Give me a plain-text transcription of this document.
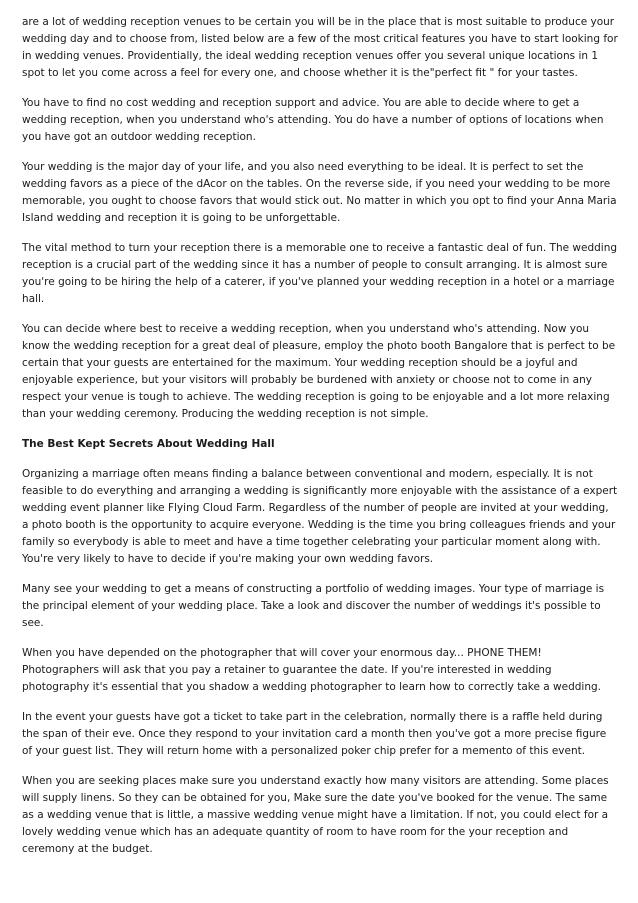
are a lot of wedding reception venues to be certain you will be in the place that is most suitable to produce your wedding day and to choose from, listed below are a few of the most critical features you have to start looking for in wedding venues. Providentially, the ideal wedding reception venues offer you several unique locations in 1 spot to let you come across a feel for every one, and choose whether it is the"perfect fit " for your tastes.

You have to find no cost wedding and reception support and advice. You are able to decide where to get a wedding reception, when you understand who's attending. You do have a number of options of locations when you have got an outdoor wedding reception.

Your wedding is the major day of your life, and you also need everything to be ideal. It is perfect to set the wedding favors as a piece of the dAcor on the tables. On the reverse side, if you need your wedding to be more memorable, you ought to choose favors that would stick out. No matter in which you opt to find your Anna Maria Island wedding and reception it is going to be unforgettable.

The vital method to turn your reception there is a memorable one to receive a fantastic deal of fun. The wedding reception is a crucial part of the wedding since it has a number of people to consult arranging. It is almost sure you're going to be hiring the help of a caterer, if you've planned your wedding reception in a hotel or a marriage hall.

You can decide where best to receive a wedding reception, when you understand who's attending. Now you know the wedding reception for a great deal of pleasure, employ the photo booth Bangalore that is perfect to be certain that your guests are entertained for the maximum. Your wedding reception should be a joyful and enjoyable experience, but your visitors will probably be burdened with anxiety or choose not to come in any respect your venue is tough to achieve. The wedding reception is going to be enjoyable and a lot more relaxing than your wedding ceremony. Producing the wedding reception is not simple.

The Best Kept Secrets About Wedding Hall

Organizing a marriage often means finding a balance between conventional and modern, especially. It is not feasible to do everything and arranging a wedding is significantly more enjoyable with the assistance of a expert wedding event planner like Flying Cloud Farm. Regardless of the number of people are invited at your wedding, a photo booth is the opportunity to acquire everyone. Wedding is the time you bring colleagues friends and your family so everybody is able to meet and have a time together celebrating your particular moment along with. You're very likely to have to decide if you're making your own wedding favors.

Many see your wedding to get a means of constructing a portfolio of wedding images. Your type of marriage is the principal element of your wedding place. Take a look and discover the number of weddings it's possible to see.

When you have depended on the photographer that will cover your enormous day... PHONE THEM! Photographers will ask that you pay a retainer to guarantee the date. If you're interested in wedding photography it's essential that you shadow a wedding photographer to learn how to correctly take a wedding.

In the event your guests have got a ticket to take part in the celebration, normally there is a raffle held during the span of their eve. Once they respond to your invitation card a month then you've got a more precise figure of your guest list. They will return home with a personalized poker chip prefer for a memento of this event.

When you are seeking places make sure you understand exactly how many visitors are attending. Some places will supply linens. So they can be obtained for you, Make sure the date you've booked for the venue. The same as a wedding venue that is little, a massive wedding venue might have a limitation. If not, you could elect for a lovely wedding venue which has an adequate quantity of room to have room for the your reception and ceremony at the budget.
